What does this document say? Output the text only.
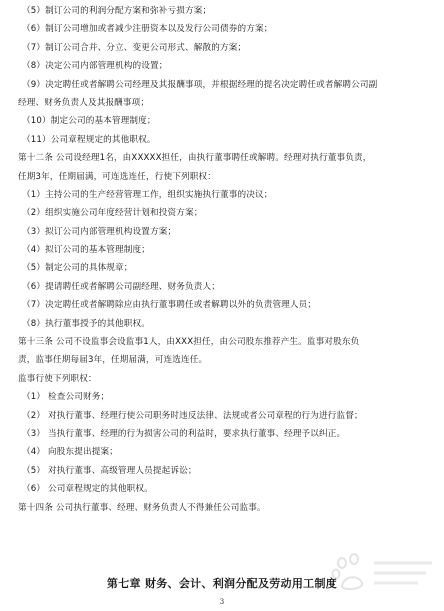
（5）制订公司的利润分配方案和弥补亏损方案；
（6）制订公司增加或者减少注册资本以及发行公司债券的方案；
（7）制订公司合并、分立、变更公司形式、解散的方案；
（8）决定公司内部管理机构的设置；
（9）决定聘任或者解聘公司经理及其报酬事项，并根据经理的提名决定聘任或者解聘公司副
经理、财务负责人及其报酬事项；
（10）制定公司的基本管理制度；
（11）公司章程规定的其他职权。
第十二条 公司设经理1名，由XXXXX担任，由执行董事聘任或解聘。经理对执行董事负责，
任期3年，任期届满，可连选连任，行使下列职权：
（1）主持公司的生产经营管理工作，组织实施执行董事的决议；
（2）组织实施公司年度经营计划和投资方案；
（3）拟订公司内部管理机构设置方案；
（4）拟订公司的基本管理制度；
（5）制定公司的具体规章；
（6）提请聘任或者解聘公司副经理、财务负责人；
（7）决定聘任或者解聘除应由执行董事聘任或者解聘以外的负责管理人员；
（8）执行董事授予的其他职权。
第十三条 公司不设监事会设监事1人，由XXX担任，由公司股东推荐产生。监事对股东负
责，监事任期每届3年，任期届满，可连选连任。
监事行使下列职权：
（1） 检查公司财务；
（2） 对执行董事、经理行使公司职务时违反法律、法规或者公司章程的行为进行监督；
（3） 当执行董事、经理的行为损害公司的利益时，要求执行董事、经理予以纠正。
（4） 向股东提出提案；
（5） 对执行董事、高级管理人员提起诉讼；
（6） 公司章程规定的其他职权。
第十四条 公司执行董事、经理、财务负责人不得兼任公司监事。
第七章 财务、会计、利润分配及劳动用工制度
3
